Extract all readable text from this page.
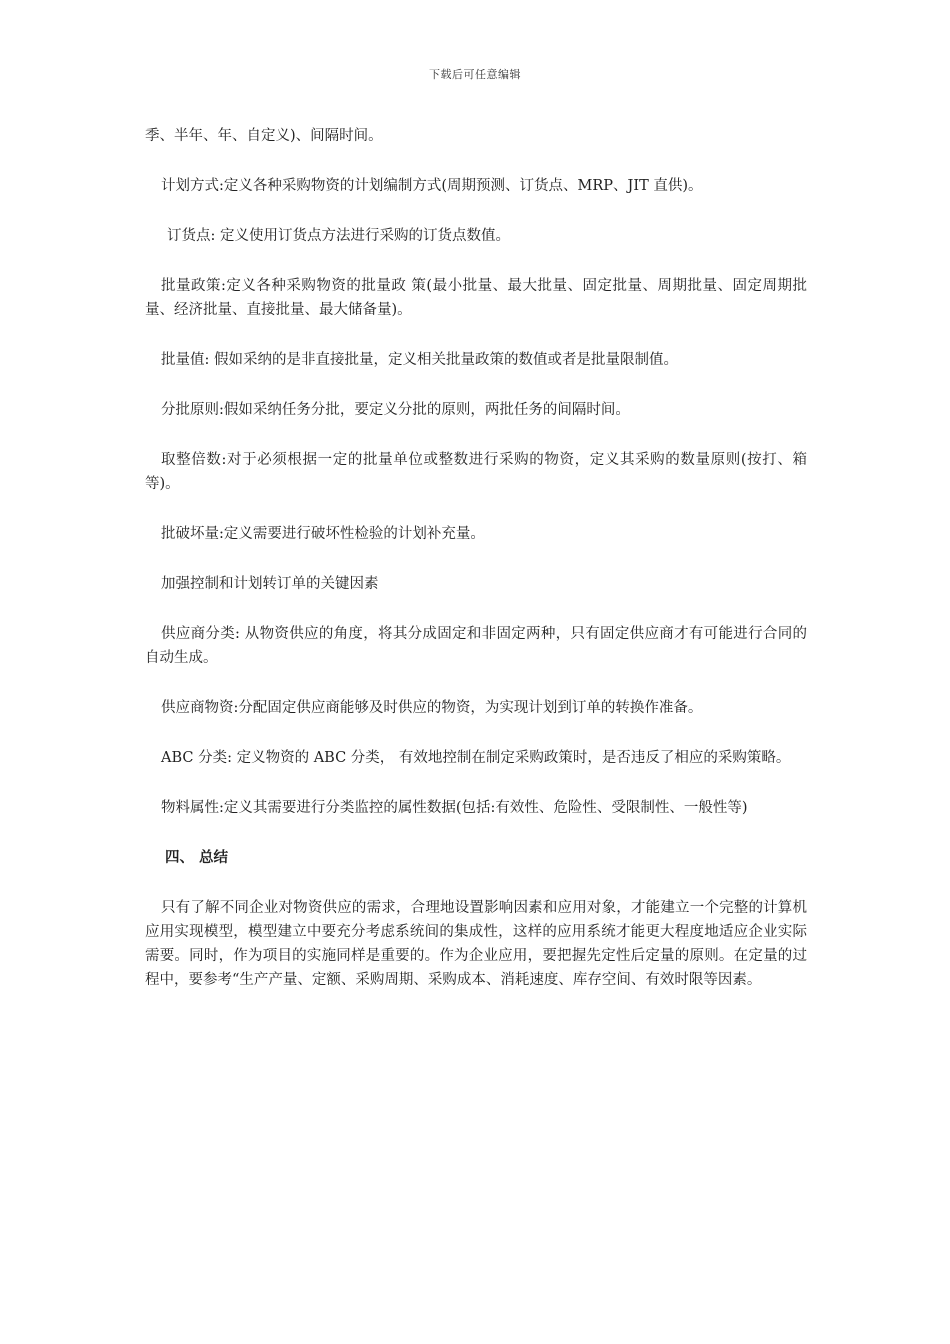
下载后可任意编辑

季、半年、年、自定义)、间隔时间。

计划方式:定义各种采购物资的计划编制方式(周期预测、订货点、MRP、JIT 直供)。

订货点: 定义使用订货点方法进行采购的订货点数值。

批量政策:定义各种采购物资的批量政 策(最小批量、最大批量、固定批量、周期批量、固定周期批量、经济批量、直接批量、最大储备量)。

批量值: 假如采纳的是非直接批量，定义相关批量政策的数值或者是批量限制值。

分批原则:假如采纳任务分批，要定义分批的原则，两批任务的间隔时间。

取整倍数:对于必须根据一定的批量单位或整数进行采购的物资，定义其采购的数量原则(按打、箱等)。

批破坏量:定义需要进行破坏性检验的计划补充量。

加强控制和计划转订单的关键因素

供应商分类: 从物资供应的角度，将其分成固定和非固定两种，只有固定供应商才有可能进行合同的自动生成。

供应商物资:分配固定供应商能够及时供应的物资，为实现计划到订单的转换作准备。

ABC 分类: 定义物资的 ABC 分类， 有效地控制在制定采购政策时，是否违反了相应的采购策略。

物料属性:定义其需要进行分类监控的属性数据(包括:有效性、危险性、受限制性、一般性等)

四、 总结

只有了解不同企业对物资供应的需求，合理地设置影响因素和应用对象，才能建立一个完整的计算机应用实现模型，模型建立中要充分考虑系统间的集成性，这样的应用系统才能更大程度地适应企业实际需要。同时，作为项目的实施同样是重要的。作为企业应用，要把握先定性后定量的原则。在定量的过程中，要参考“生产产量、定额、采购周期、采购成本、消耗速度、库存空间、有效时限等因素。
